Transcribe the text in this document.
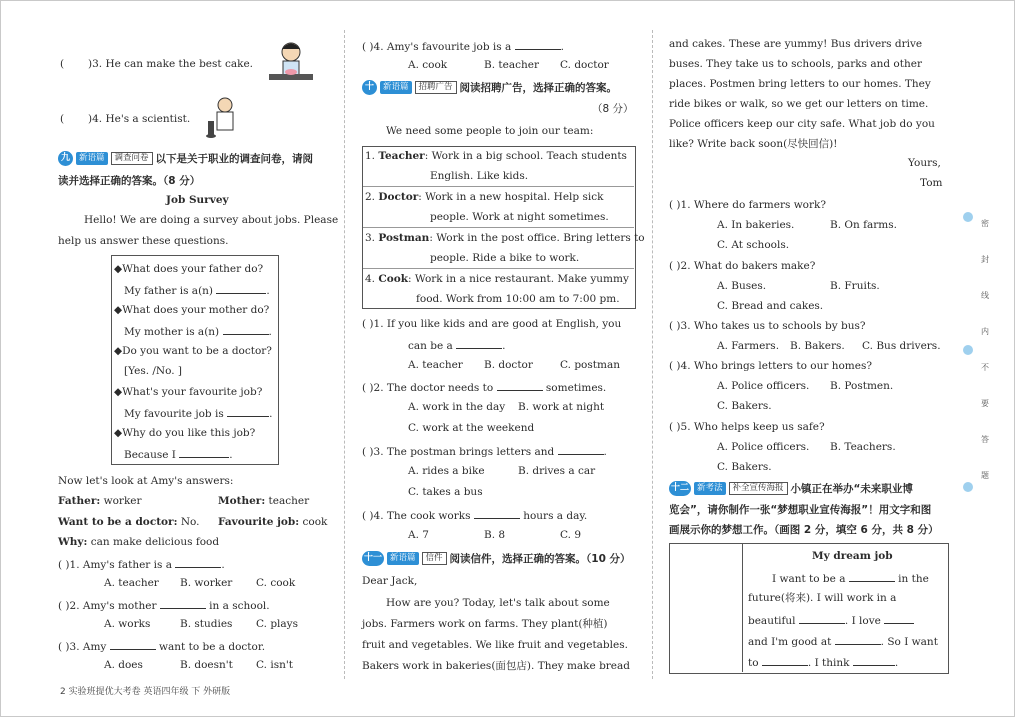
( )3. He can make the best cake.
( )4. He's a scientist.
九	新语篇	调查问卷 以下是关于职业的调查问卷，请阅
读并选择正确的答案。（8 分）
Job Survey
Hello! We are doing a survey about jobs. Please
help us answer these questions.
◆What does your father do?
My father is a(n)	.
◆What does your mother do?
My mother is a(n)	.
◆Do you want to be a doctor?
[Yes. /No. ]
◆What's your favourite job?
My favourite job is	.
◆Why do you like this job?
Because I	.
Now let's look at Amy's answers:
Father: worker	Mother: teacher
Want to be a doctor: No. Favourite job: cook
Why: can make delicious food
( )1. Amy's father is a	.
A. teacher B. worker C. cook
( )2. Amy's mother	in a school.
A. works	B. studies C. plays
( )3. Amy	want to be a doctor.
A. does	B. doesn't C. isn't
( )4. Amy's favourite job is a	.
A. cook	B. teacher C. doctor
十	新语篇	招聘广告 阅读招聘广告，选择正确的答案。
（8 分）
We need some people to join our team:
1. Teacher: Work in a big school. Teach students
English. Like kids.
2. Doctor: Work in a new hospital. Help sick
people. Work at night sometimes.
3. Postman: Work in the post office. Bring letters to
people. Ride a bike to work.
4. Cook: Work in a nice restaurant. Make yummy
food. Work from 10:00 am to 7:00 pm.
( )1. If you like kids and are good at English, you
can be a	.
A. teacher B. doctor	C. postman
( )2. The doctor needs to	sometimes.
A. work in the day B. work at night
C. work at the weekend
( )3. The postman brings letters and	.
A. rides a bike	B. drives a car
C. takes a bus
( )4. The cook works	hours a day.
A. 7	B. 8	C. 9
十一 新语篇	信件 阅读信件，选择正确的答案。（10 分）
Dear Jack,
How are you? Today, let's talk about some
jobs. Farmers work on farms. They plant(种植)
fruit and vegetables. We like fruit and vegetables.
Bakers work in bakeries(面包店). They make bread
and cakes. These are yummy! Bus drivers drive
buses. They take us to schools, parks and other
places. Postmen bring letters to our homes. They
ride bikes or walk, so we get our letters on time.
Police officers keep our city safe. What job do you
like? Write back soon(尽快回信)!
Yours,
Tom
( )1. Where do farmers work?
A. In bakeries.	B. On farms.
C. At schools.
( )2. What do bakers make?
A. Buses.	B. Fruits.
C. Bread and cakes.
( )3. Who takes us to schools by bus?
A. Farmers. B. Bakers. C. Bus drivers.
( )4. Who brings letters to our homes?
A. Police officers. B. Postmen.
C. Bakers.
( )5. Who helps keep us safe?
A. Police officers. B. Teachers.
C. Bakers.
十二 新考法	补全宣传海报 小镇正在举办“未来职业博
览会”，请你制作一张“梦想职业宣传海报”！用文字和图
画展示你的梦想工作。（画图 2 分，填空 6 分，共 8 分）
My dream job
I want to be a	in the
future(将来). I will work in a
beautiful	. I love
and I'm good at	. So I want
to	. I think	.
密
封
线
内
不
要
答
题
2 实验班提优大考卷 英语四年级 下 外研版
